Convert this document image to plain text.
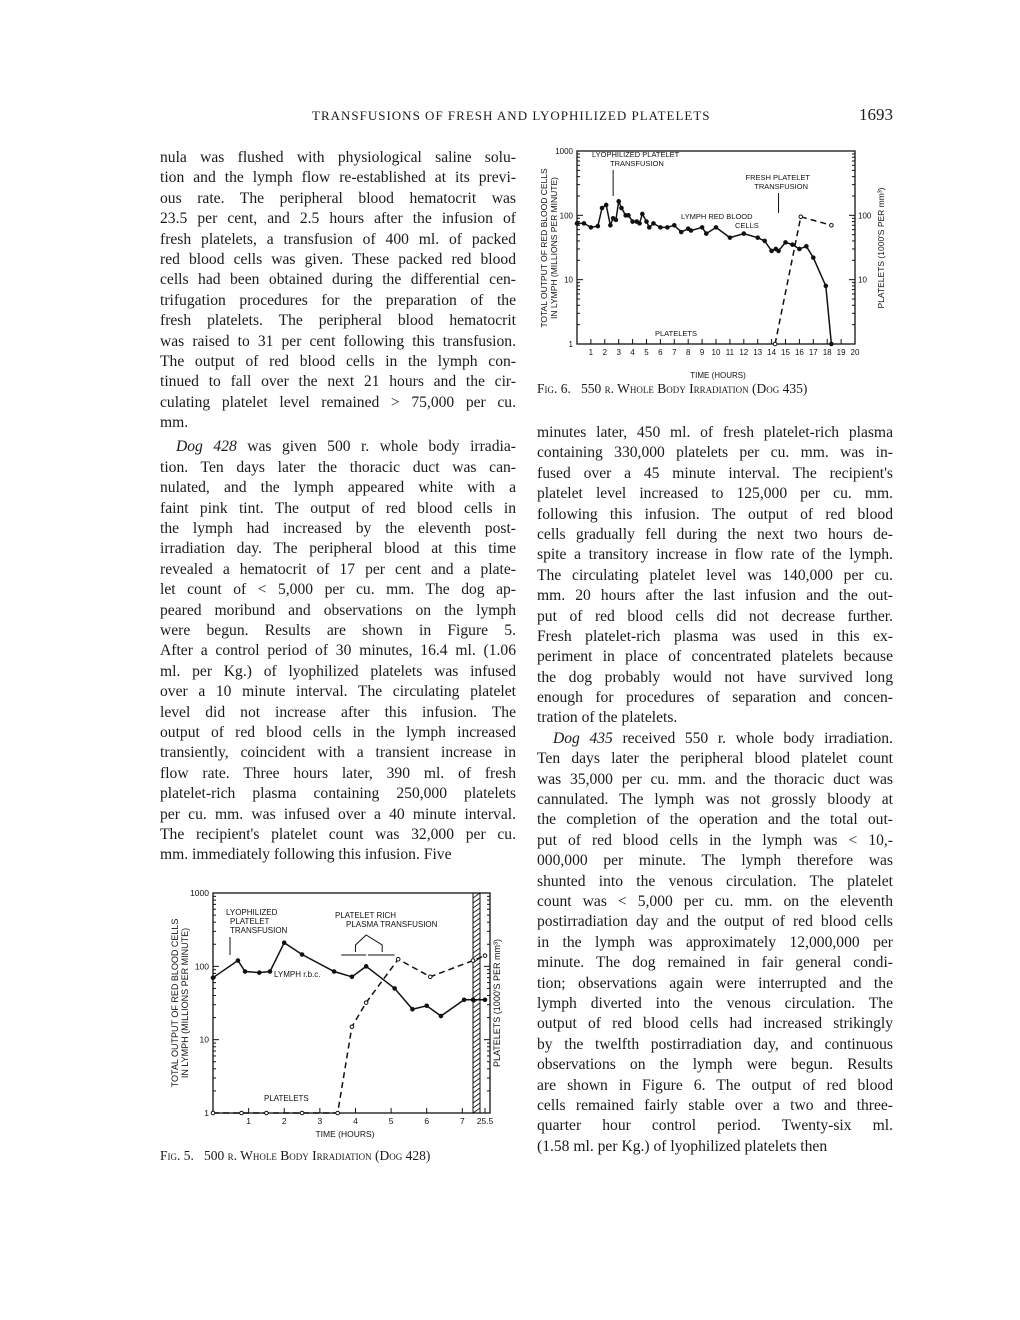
TRANSFUSIONS OF FRESH AND LYOPHILIZED PLATELETS	1693
nula was flushed with physiological saline solu-
tion and the lymph flow re-established at its previ-
ous rate. The peripheral blood hematocrit was
23.5 per cent, and 2.5 hours after the infusion of
fresh platelets, a transfusion of 400 ml. of packed
red blood cells was given. These packed red blood
cells had been obtained during the differential cen-
trifugation procedures for the preparation of the
fresh platelets. The peripheral blood hematocrit
was raised to 31 per cent following this transfusion.
The output of red blood cells in the lymph con-
tinued to fall over the next 21 hours and the cir-
culating platelet level remained > 75,000 per cu.
mm.
Dog 428 was given 500 r. whole body irradia-
tion. Ten days later the thoracic duct was can-
nulated, and the lymph appeared white with a
faint pink tint. The output of red blood cells in
the lymph had increased by the eleventh post-
irradiation day. The peripheral blood at this time
revealed a hematocrit of 17 per cent and a plate-
let count of < 5,000 per cu. mm. The dog ap-
peared moribund and observations on the lymph
were begun. Results are shown in Figure 5.
After a control period of 30 minutes, 16.4 ml. (1.06
ml. per Kg.) of lyophilized platelets was infused
over a 10 minute interval. The circulating platelet
level did not increase after this infusion. The
output of red blood cells in the lymph increased
transiently, coincident with a transient increase in
flow rate. Three hours later, 390 ml. of fresh
platelet-rich plasma containing 250,000 platelets
per cu. mm. was infused over a 40 minute interval.
The recipient's platelet count was 32,000 per cu.
mm. immediately following this infusion. Five
minutes later, 450 ml. of fresh platelet-rich plasma
containing 330,000 platelets per cu. mm. was in-
fused over a 45 minute interval. The recipient's
platelet level increased to 125,000 per cu. mm.
following this infusion. The output of red blood
cells gradually fell during the next two hours de-
spite a transitory increase in flow rate of the lymph.
The circulating platelet level was 140,000 per cu.
mm. 20 hours after the last infusion and the out-
put of red blood cells did not decrease further.
Fresh platelet-rich plasma was used in this ex-
periment in place of concentrated platelets because
the dog probably would not have survived long
enough for procedures of separation and concen-
tration of the platelets.
Dog 435 received 550 r. whole body irradiation.
Ten days later the peripheral blood platelet count
was 35,000 per cu. mm. and the thoracic duct was
cannulated. The lymph was not grossly bloody at
the completion of the operation and the total out-
put of red blood cells in the lymph was < 10,-
000,000 per minute. The lymph therefore was
shunted into the venous circulation. The platelet
count was < 5,000 per cu. mm. on the eleventh
postirradiation day and the output of red blood cells
in the lymph was approximately 12,000,000 per
minute. The dog remained in fair general condi-
tion; observations again were interrupted and the
lymph diverted into the venous circulation. The
output of red blood cells had increased strikingly
by the twelfth postirradiation day, and continuous
observations on the lymph were begun. Results
are shown in Figure 6. The output of red blood
cells remained fairly stable over a two and three-
quarter hour control period. Twenty-six ml.
(1.58 ml. per Kg.) of lyophilized platelets then
1
10	10
100	100
1000
1 2 3 4 5 6 7 8 9 10 11 12 13 14 15 16 17 18 19 20
TIME (HOURS)
TOTAL OUTPUT OF RED BLOOD CELLS IN LYMPH (MILLIONS PER MINUTE)	PLATELETS (1000'S PER mm³)
LYOPHILIZED PLATELET
TRANSFUSION
FRESH PLATELET
TRANSFUSION
LYMPH RED BLOOD
CELLS
PLATELETS
1
10
100
1000
1	2	3	4	5	6	7 25.5
TIME (HOURS)
TOTAL OUTPUT OF RED BLOOD CELLS IN LYMPH (MILLIONS PER MINUTE)	PLATELETS (1000'S PER mm³)
LYOPHILIZED
PLATELET
TRANSFUSION
PLATELET RICH
PLASMA TRANSFUSION
LYMPH r.b.c.
PLATELETS
Fig. 6. 550 r. Whole Body Irradiation (Dog 435)
Fig. 5. 500 r. Whole Body Irradiation (Dog 428)
